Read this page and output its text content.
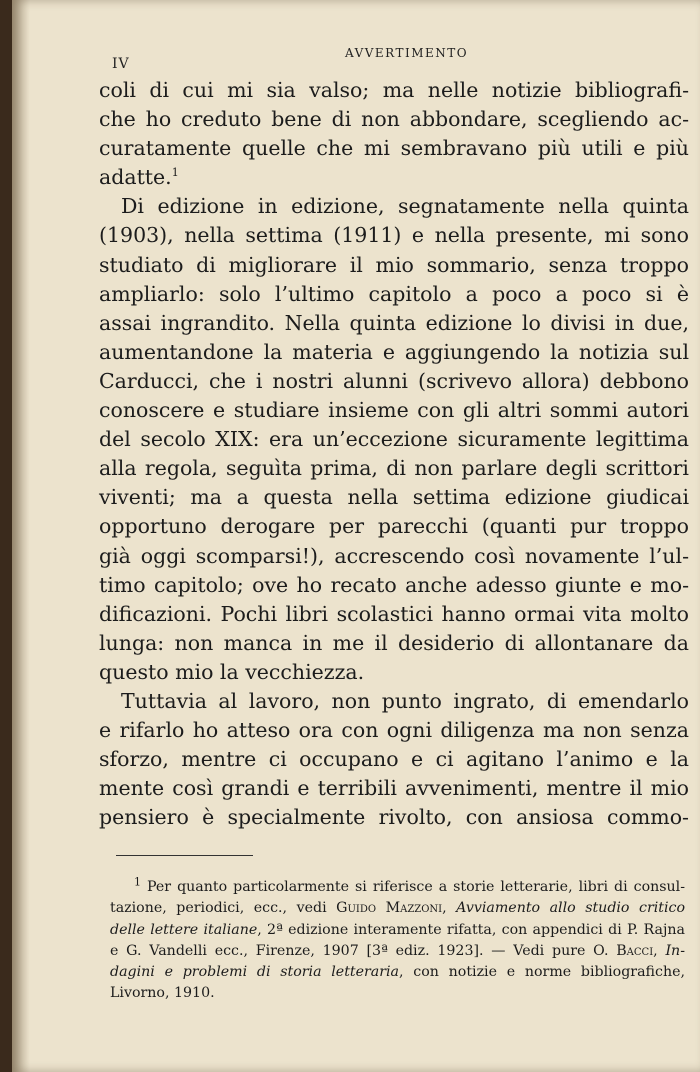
IV
AVVERTIMENTO
coli di cui mi sia valso; ma nelle notizie bibliografi-
che ho creduto bene di non abbondare, scegliendo ac-
curatamente quelle che mi sembravano più utili e più
adatte.$^1$
Di edizione in edizione, segnatamente nella quinta
(1903), nella settima (1911) e nella presente, mi sono
studiato di migliorare il mio sommario, senza troppo
ampliarlo: solo l’ultimo capitolo a poco a poco si è
assai ingrandito. Nella quinta edizione lo divisi in due,
aumentandone la materia e aggiungendo la notizia sul
Carducci, che i nostri alunni (scrivevo allora) debbono
conoscere e studiare insieme con gli altri sommi autori
del secolo XIX: era un’eccezione sicuramente legittima
alla regola, seguìta prima, di non parlare degli scrittori
viventi; ma a questa nella settima edizione giudicai
opportuno derogare per parecchi (quanti pur troppo
già oggi scomparsi!), accrescendo così novamente l’ul-
timo capitolo; ove ho recato anche adesso giunte e mo-
dificazioni. Pochi libri scolastici hanno ormai vita molto
lunga: non manca in me il desiderio di allontanare da
questo mio la vecchiezza.
Tuttavia al lavoro, non punto ingrato, di emendarlo
e rifarlo ho atteso ora con ogni diligenza ma non senza
sforzo, mentre ci occupano e ci agitano l’animo e la
mente così grandi e terribili avvenimenti, mentre il mio
pensiero è specialmente rivolto, con ansiosa commo-
$^1$ Per quanto particolarmente si riferisce a storie letterarie, libri di consul-
tazione, periodici, ecc., vedi Guido Mazzoni, Avviamento allo studio critico
delle lettere italiane, 2ª edizione interamente rifatta, con appendici di P. Rajna
e G. Vandelli ecc., Firenze, 1907 [3ª ediz. 1923]. — Vedi pure O. Bacci, In-
dagini e problemi di storia letteraria, con notizie e norme bibliografiche,
Livorno, 1910.
